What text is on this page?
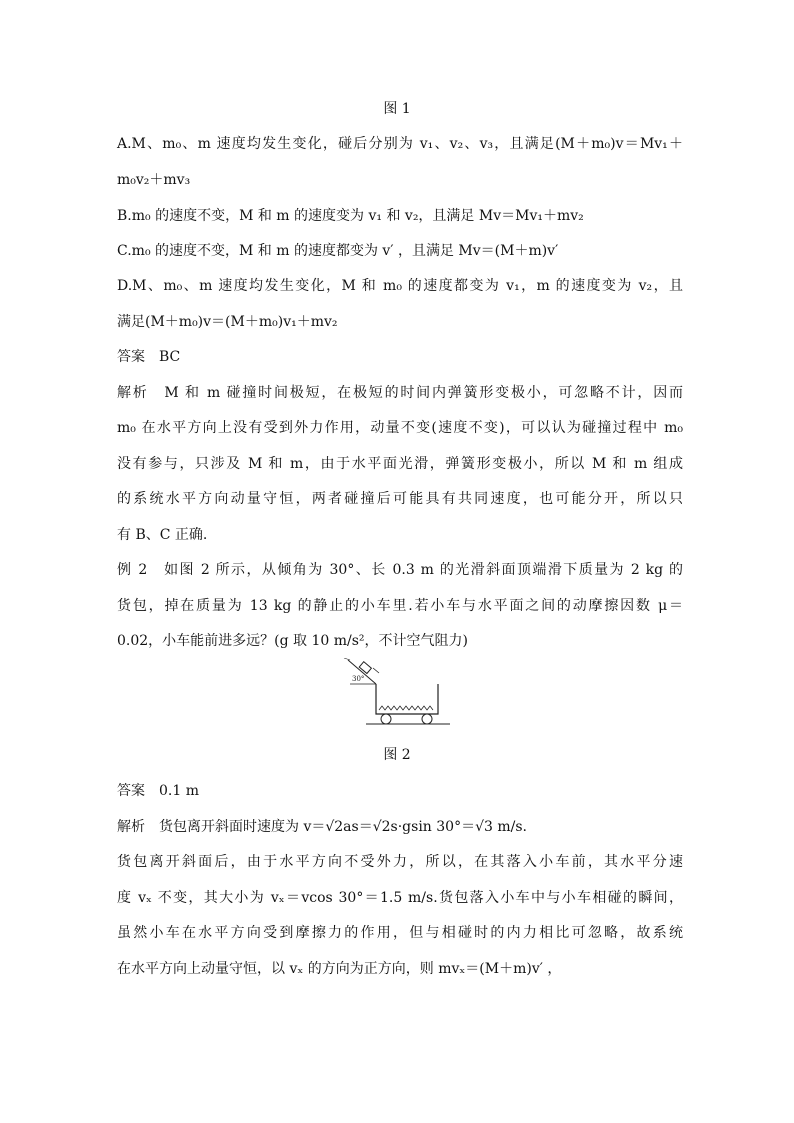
图 1
A.M、m₀、m 速度均发生变化，碰后分别为 v₁、v₂、v₃，且满足(M＋m₀)v＝Mv₁＋
m₀v₂＋mv₃
B.m₀ 的速度不变，M 和 m 的速度变为 v₁ 和 v₂，且满足 Mv＝Mv₁＋mv₂
C.m₀ 的速度不变，M 和 m 的速度都变为 v′ ，且满足 Mv＝(M＋m)v′
D.M、m₀、m 速度均发生变化，M 和 m₀ 的速度都变为 v₁，m 的速度变为 v₂，且
满足(M＋m₀)v＝(M＋m₀)v₁＋mv₂
答案　BC
解析　M 和 m 碰撞时间极短，在极短的时间内弹簧形变极小，可忽略不计，因而
m₀ 在水平方向上没有受到外力作用，动量不变(速度不变)，可以认为碰撞过程中 m₀
没有参与，只涉及 M 和 m，由于水平面光滑，弹簧形变极小，所以 M 和 m 组成
的系统水平方向动量守恒，两者碰撞后可能具有共同速度，也可能分开，所以只
有 B、C 正确.
例 2　如图 2 所示，从倾角为 30°、长 0.3 m 的光滑斜面顶端滑下质量为 2 kg 的
货包，掉在质量为 13 kg 的静止的小车里.若小车与水平面之间的动摩擦因数 μ＝
0.02，小车能前进多远？(g 取 10 m/s²，不计空气阻力)
30°
图 2
答案　0.1 m
解析　货包离开斜面时速度为 v＝√2as＝√2s·gsin 30°＝√3 m/s.
货包离开斜面后，由于水平方向不受外力，所以，在其落入小车前，其水平分速
度 vₓ 不变，其大小为 vₓ＝vcos 30°＝1.5 m/s.货包落入小车中与小车相碰的瞬间，
虽然小车在水平方向受到摩擦力的作用，但与相碰时的内力相比可忽略，故系统
在水平方向上动量守恒，以 vₓ 的方向为正方向，则 mvₓ＝(M＋m)v′ ，
